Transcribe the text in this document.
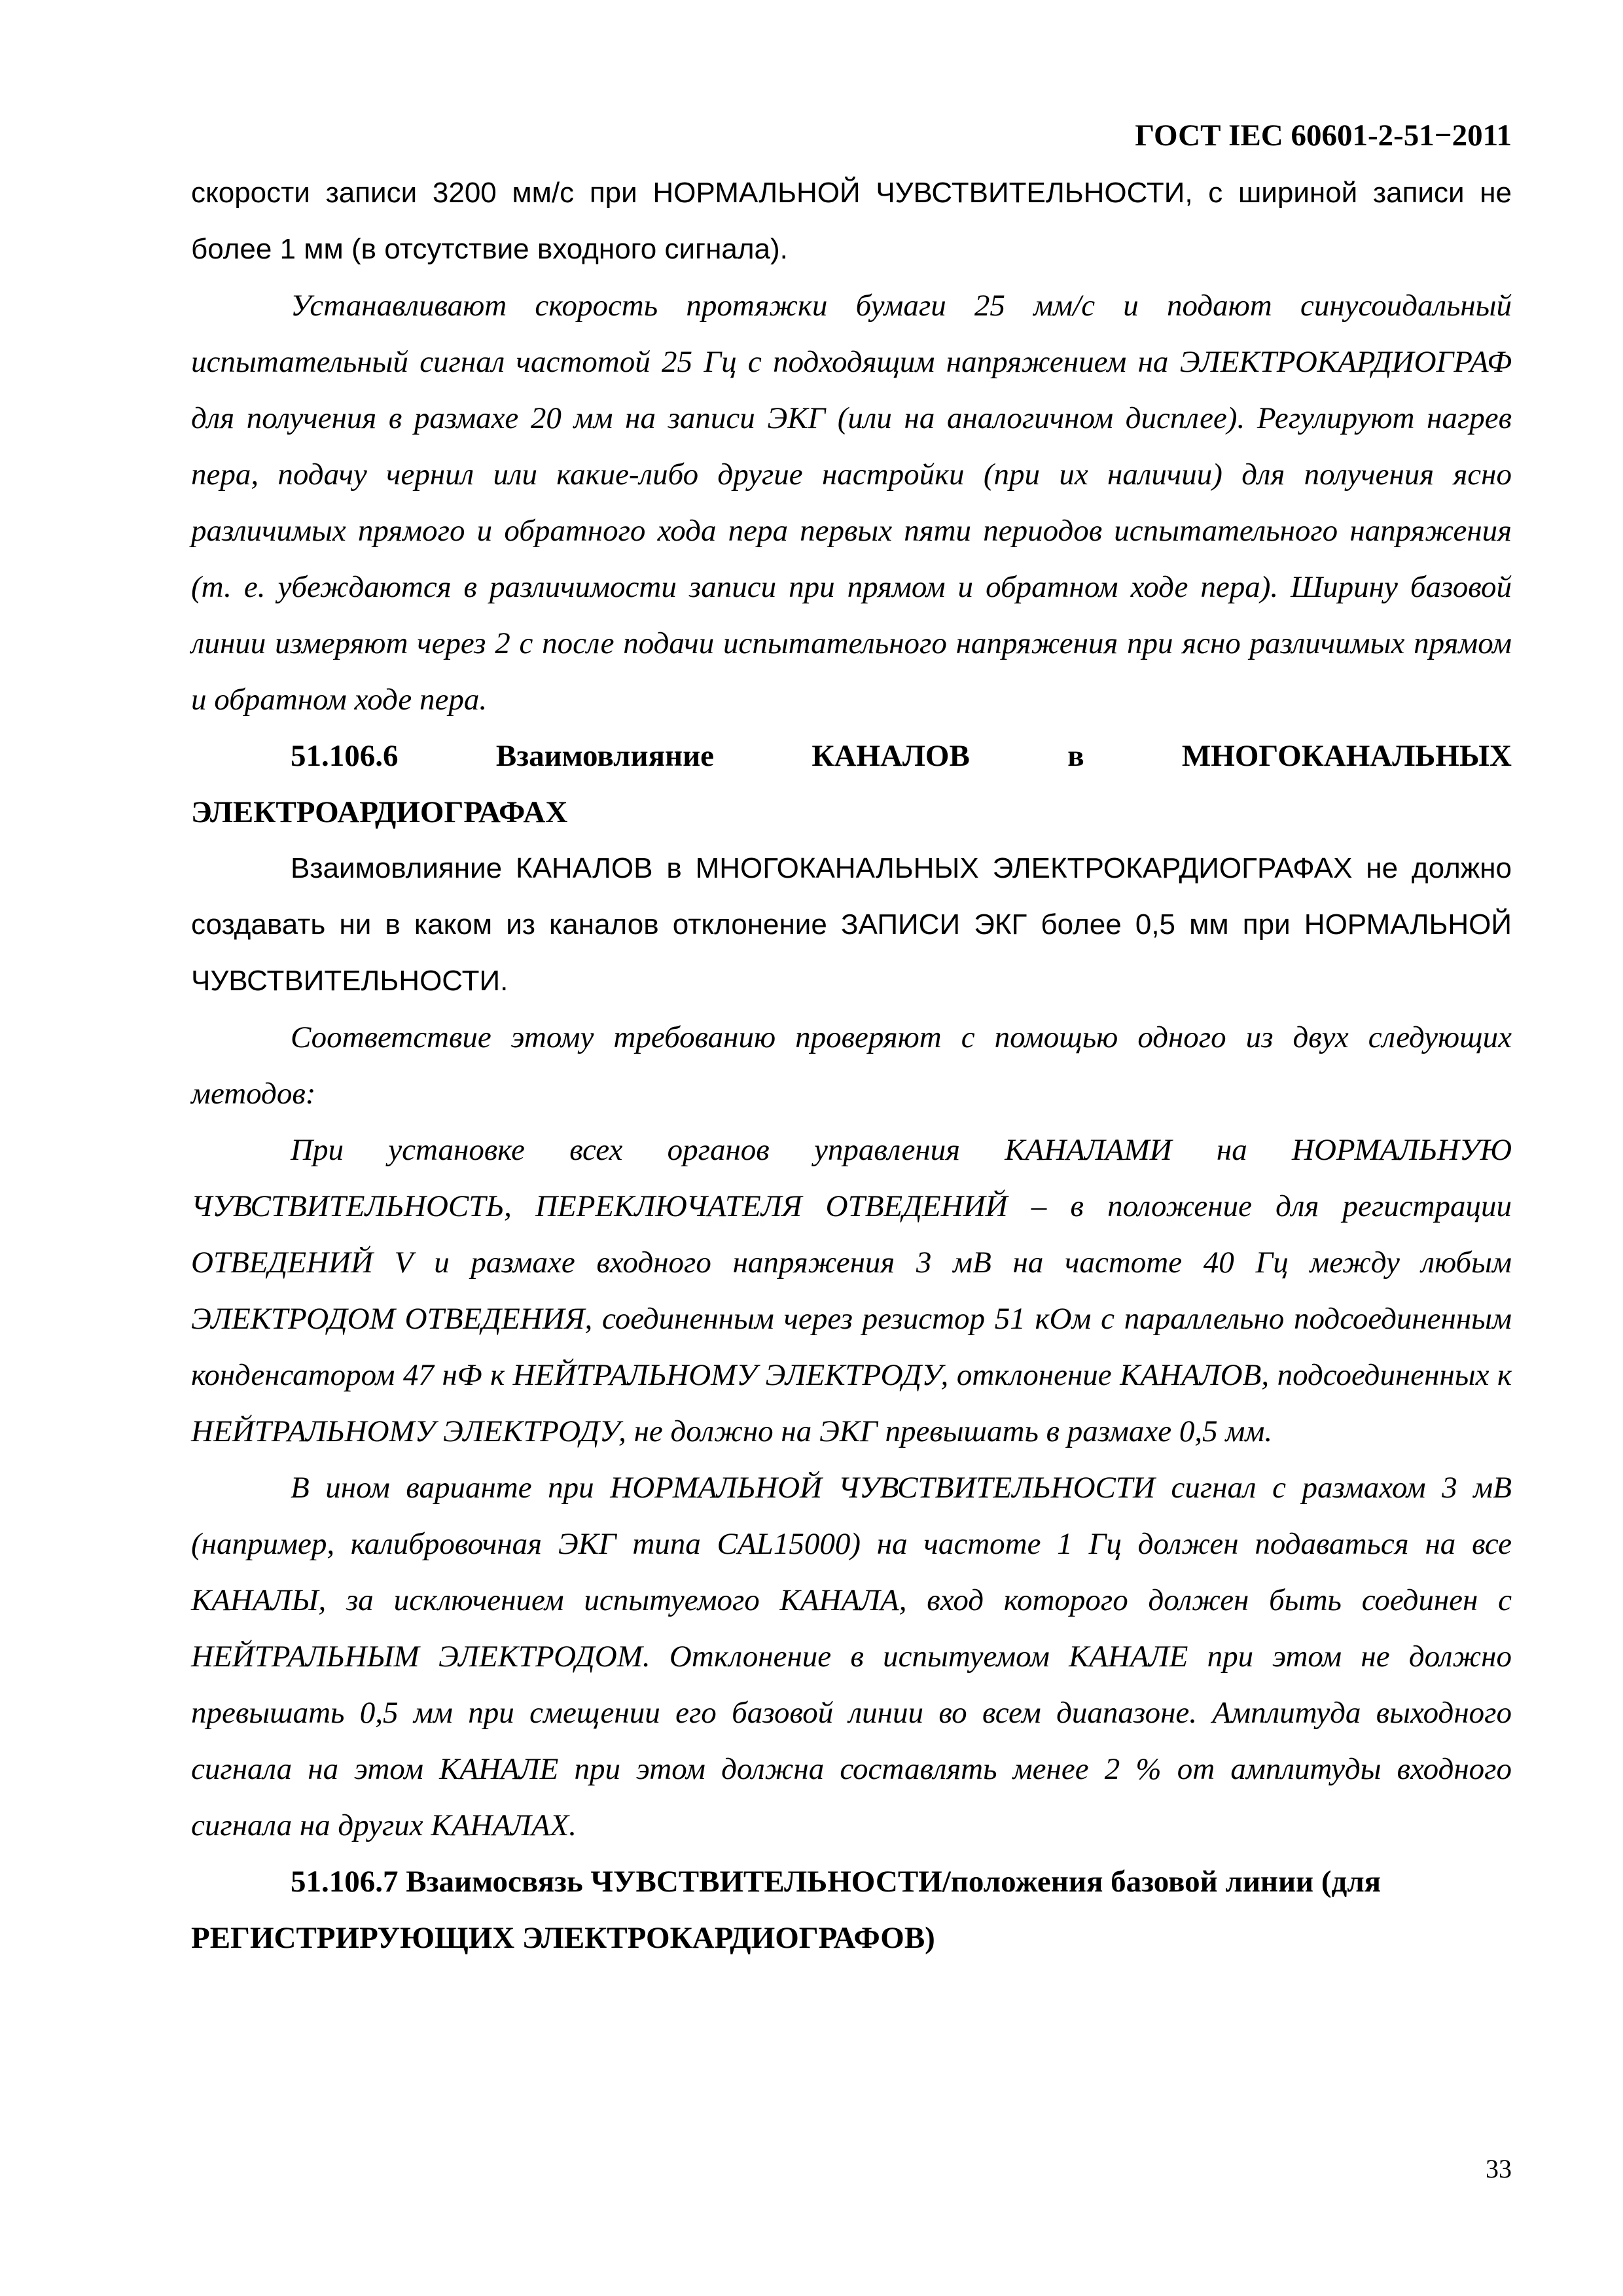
ГОСТ IEC 60601-2-51−2011

скорости записи 3200 мм/с при НОРМАЛЬНОЙ ЧУВСТВИТЕЛЬНОСТИ, с шириной записи не более 1 мм (в отсутствие входного сигнала).

Устанавливают скорость протяжки бумаги 25 мм/с и подают синусоидальный испытательный сигнал частотой 25 Гц с подходящим напряжением на ЭЛЕКТРОКАРДИОГРАФ для получения в размахе 20 мм на записи ЭКГ (или на аналогичном дисплее). Регулируют нагрев пера, подачу чернил или какие-либо другие настройки (при их наличии) для получения ясно различимых прямого и обратного хода пера первых пяти периодов испытательного напряжения (т. е. убеждаются в различимости записи при прямом и обратном ходе пера). Ширину базовой линии измеряют через 2 с после подачи испытательного напряжения при ясно различимых прямом и обратном ходе пера.

51.106.6	Взаимовлияние	КАНАЛОВ	в	МНОГОКАНАЛЬНЫХ
ЭЛЕКТРОАРДИОГРАФАХ

Взаимовлияние КАНАЛОВ в МНОГОКАНАЛЬНЫХ ЭЛЕКТРОКАРДИОГРАФАХ не должно создавать ни в каком из каналов отклонение ЗАПИСИ ЭКГ более 0,5 мм при НОРМАЛЬНОЙ ЧУВСТВИТЕЛЬНОСТИ.

Соответствие этому требованию проверяют с помощью одного из двух следующих методов:

При установке всех органов управления КАНАЛАМИ на НОРМАЛЬНУЮ ЧУВСТВИТЕЛЬНОСТЬ, ПЕРЕКЛЮЧАТЕЛЯ ОТВЕДЕНИЙ – в положение для регистрации ОТВЕДЕНИЙ V и размахе входного напряжения 3 мВ на частоте 40 Гц между любым ЭЛЕКТРОДОМ ОТВЕДЕНИЯ, соединенным через резистор 51 кОм с параллельно подсоединенным конденсатором 47 нФ к НЕЙТРАЛЬНОМУ ЭЛЕКТРОДУ, отклонение КАНАЛОВ, подсоединенных к НЕЙТРАЛЬНОМУ ЭЛЕКТРОДУ, не должно на ЭКГ превышать в размахе 0,5 мм.

В ином варианте при НОРМАЛЬНОЙ ЧУВСТВИТЕЛЬНОСТИ сигнал с размахом 3 мВ (например, калибровочная ЭКГ типа CAL15000) на частоте 1 Гц должен подаваться на все КАНАЛЫ, за исключением испытуемого КАНАЛА, вход которого должен быть соединен с НЕЙТРАЛЬНЫМ ЭЛЕКТРОДОМ. Отклонение в испытуемом КАНАЛЕ при этом не должно превышать 0,5 мм при смещении его базовой линии во всем диапазоне. Амплитуда выходного сигнала на этом КАНАЛЕ при этом должна составлять менее 2 % от амплитуды входного сигнала на других КАНАЛАХ.

51.106.7 Взаимосвязь ЧУВСТВИТЕЛЬНОСТИ/положения базовой линии (для РЕГИСТРИРУЮЩИХ ЭЛЕКТРОКАРДИОГРАФОВ)

33
